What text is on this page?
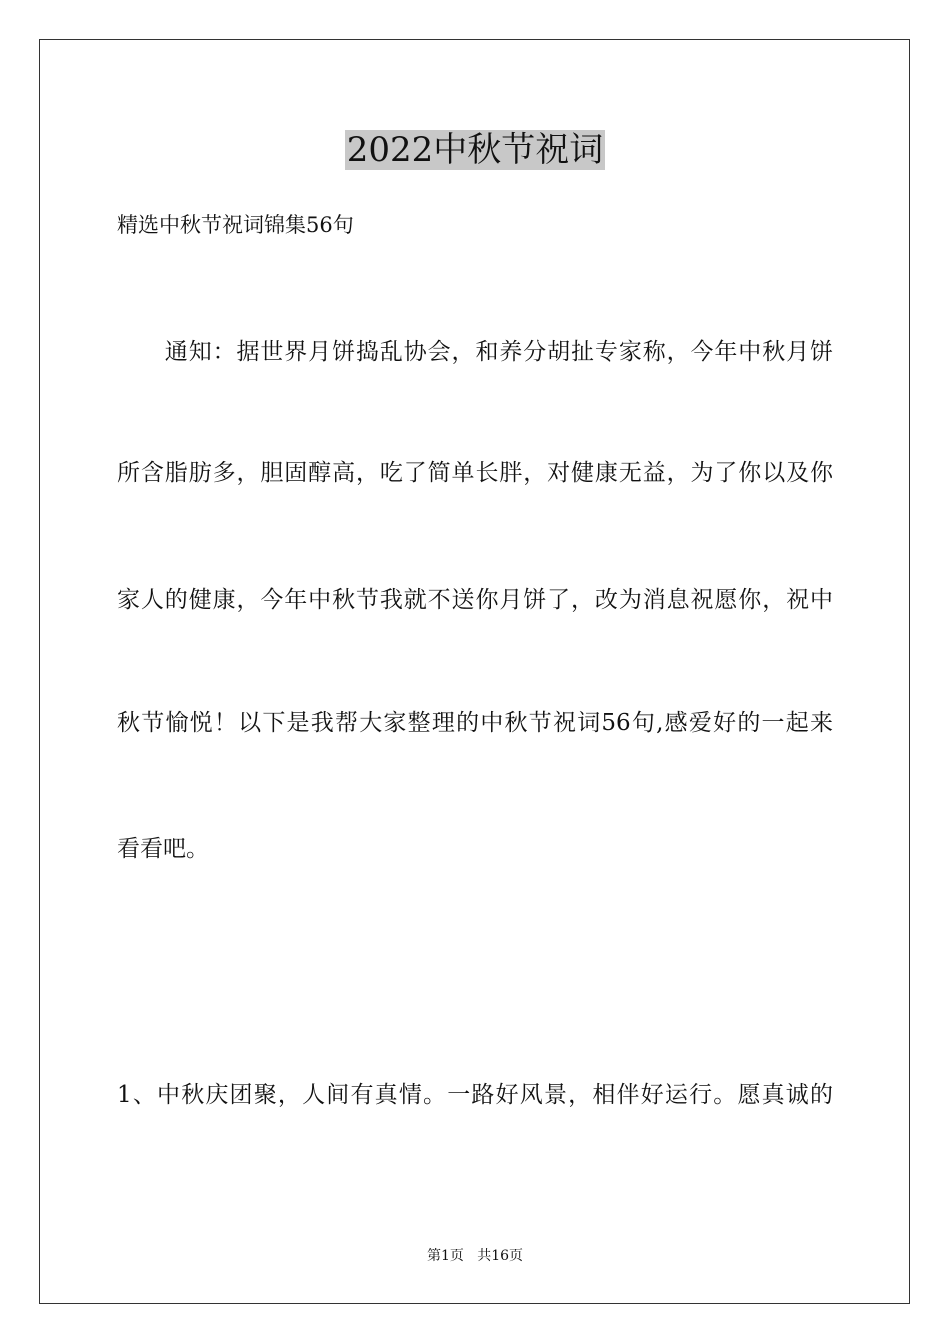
2022中秋节祝词
精选中秋节祝词锦集56句
　　通知：据世界月饼捣乱协会，和养分胡扯专家称，今年中秋月饼
所含脂肪多，胆固醇高，吃了简单长胖，对健康无益，为了你以及你
家人的健康，今年中秋节我就不送你月饼了，改为消息祝愿你，祝中
秋节愉悦！以下是我帮大家整理的中秋节祝词56句,感爱好的一起来
看看吧。
1、中秋庆团聚，人间有真情。一路好风景，相伴好运行。愿真诚的
第1页   共16页
